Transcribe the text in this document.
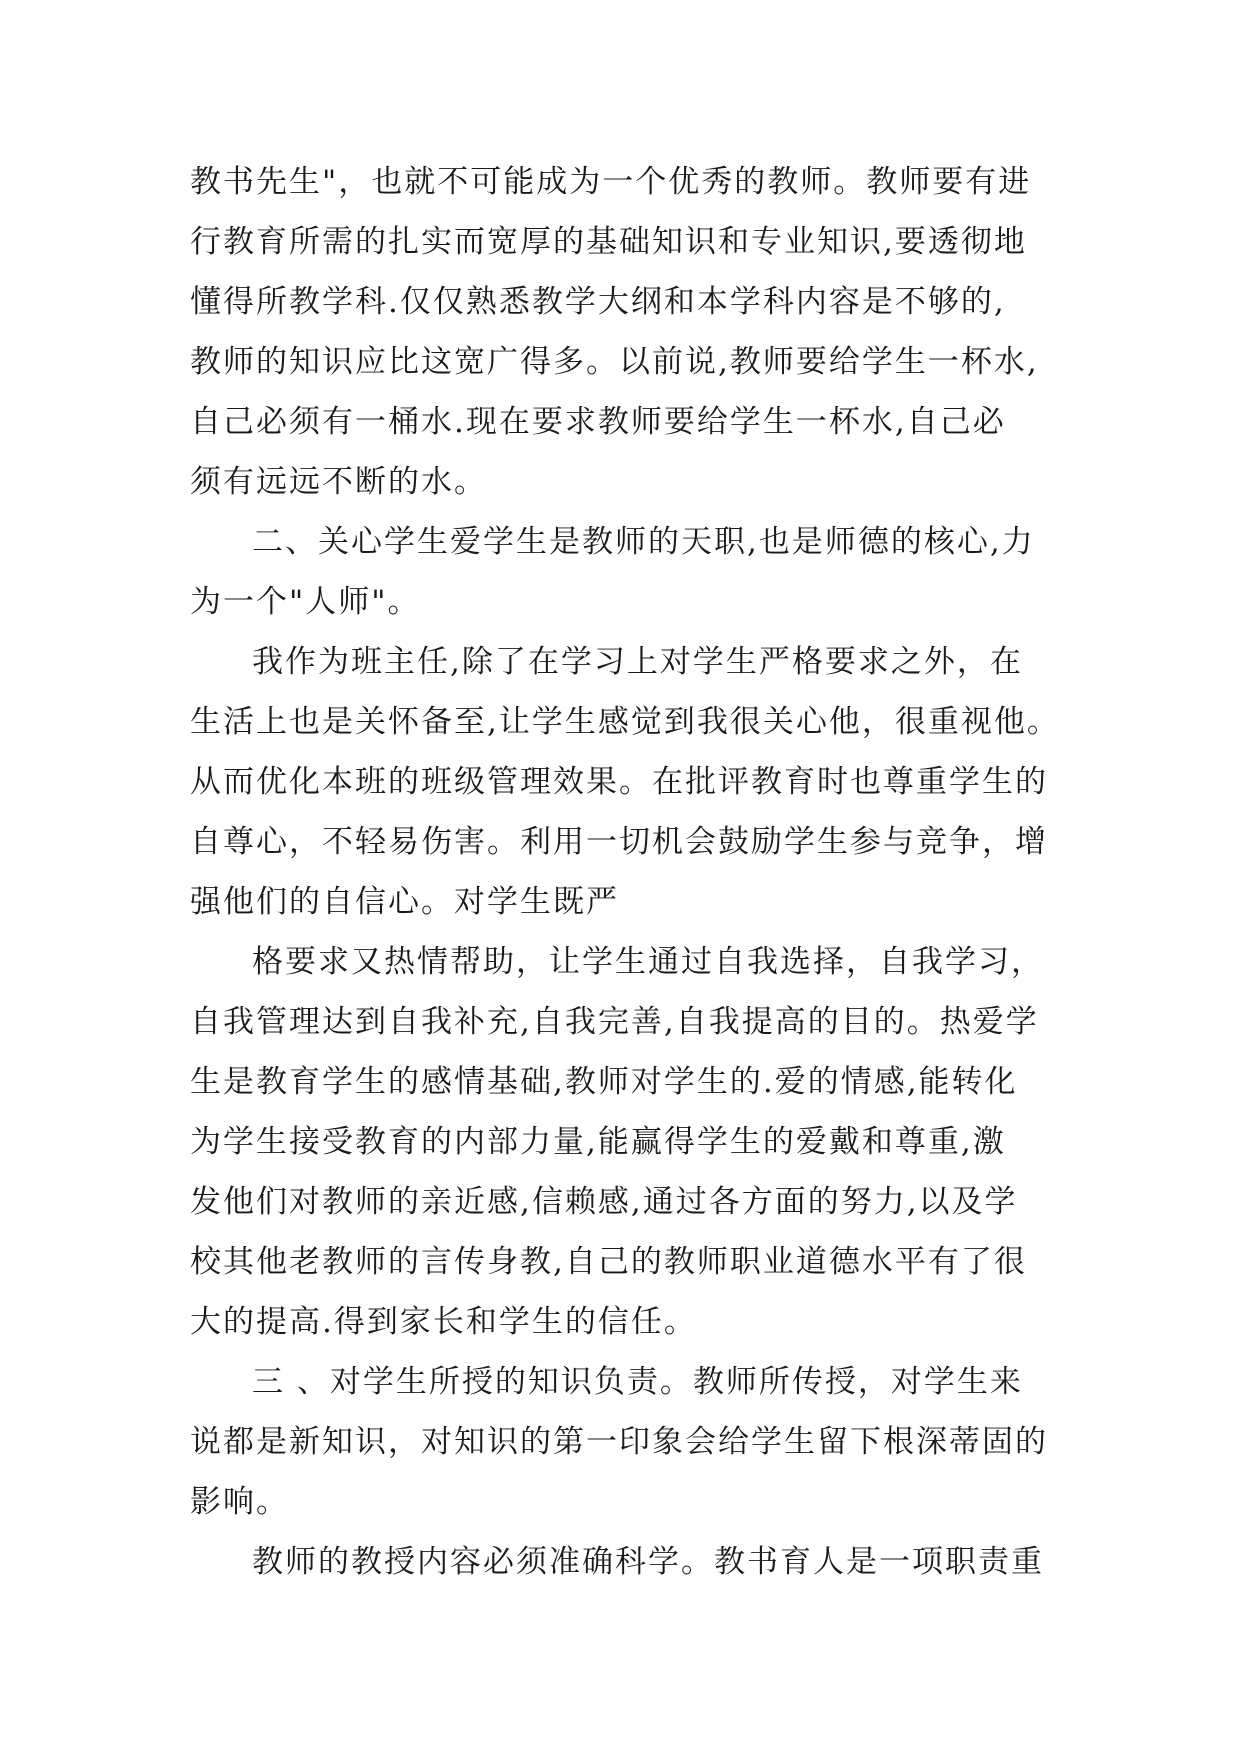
教书先生"，也就不可能成为一个优秀的教师。教师要有进
行教育所需的扎实而宽厚的基础知识和专业知识,要透彻地
懂得所教学科.仅仅熟悉教学大纲和本学科内容是不够的,
教师的知识应比这宽广得多。以前说,教师要给学生一杯水,
自己必须有一桶水.现在要求教师要给学生一杯水,自己必
须有远远不断的水。

二、关心学生爱学生是教师的天职,也是师德的核心,力
为一个"人师"。

我作为班主任,除了在学习上对学生严格要求之外，在
生活上也是关怀备至,让学生感觉到我很关心他，很重视他。
从而优化本班的班级管理效果。在批评教育时也尊重学生的
自尊心，不轻易伤害。利用一切机会鼓励学生参与竞争，增
强他们的自信心。对学生既严

格要求又热情帮助，让学生通过自我选择，自我学习，
自我管理达到自我补充,自我完善,自我提高的目的。热爱学
生是教育学生的感情基础,教师对学生的.爱的情感,能转化
为学生接受教育的内部力量,能赢得学生的爱戴和尊重,激
发他们对教师的亲近感,信赖感,通过各方面的努力,以及学
校其他老教师的言传身教,自己的教师职业道德水平有了很
大的提高.得到家长和学生的信任。

三 、对学生所授的知识负责。教师所传授，对学生来
说都是新知识，对知识的第一印象会给学生留下根深蒂固的
影响。

教师的教授内容必须准确科学。教书育人是一项职责重
